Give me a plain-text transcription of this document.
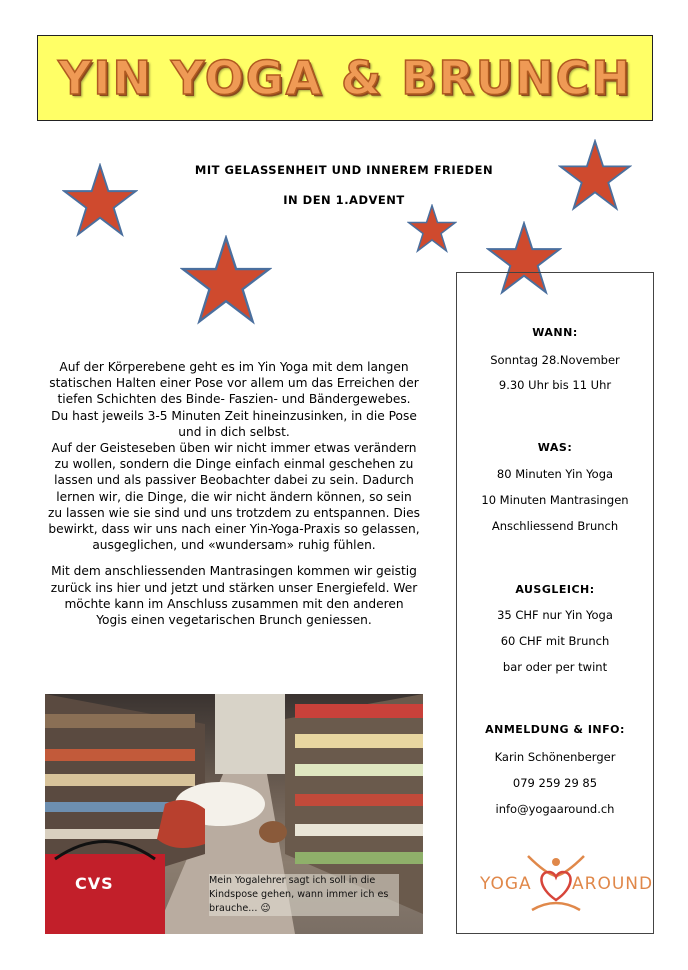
YIN YOGA & BRUNCH
MIT GELASSENHEIT UND INNEREM FRIEDEN
IN DEN 1.ADVENT

Auf der Körperebene geht es im Yin Yoga mit dem langen statischen Halten einer Pose vor allem um das Erreichen der tiefen Schichten des Binde- Faszien- und Bändergewebes. Du hast jeweils 3-5 Minuten Zeit hineinzusinken, in die Pose und in dich selbst.

Auf der Geisteseben üben wir nicht immer etwas verändern zu wollen, sondern die Dinge einfach einmal geschehen zu lassen und als passiver Beobachter dabei zu sein. Dadurch lernen wir, die Dinge, die wir nicht ändern können, so sein zu lassen wie sie sind und uns trotzdem zu entspannen. Dies bewirkt, dass wir uns nach einer Yin-Yoga-Praxis so gelassen, ausgeglichen, und «wundersam» ruhig fühlen.

Mit dem anschliessenden Mantrasingen kommen wir geistig zurück ins hier und jetzt und stärken unser Energiefeld. Wer möchte kann im Anschluss zusammen mit den anderen Yogis einen vegetarischen Brunch geniessen.

CVS	Mein Yogalehrer sagt ich soll in die Kindspose gehen, wann immer ich es brauche... 😉
WANN:
Sonntag 28.November
9.30 Uhr bis 11 Uhr
WAS:
80 Minuten Yin Yoga
10 Minuten Mantrasingen
Anschliessend Brunch
AUSGLEICH:
35 CHF nur Yin Yoga
60 CHF mit Brunch
bar oder per twint
ANMELDUNG & INFO:
Karin Schönenberger
079 259 29 85
info@yogaaround.ch
YOGA AROUND
